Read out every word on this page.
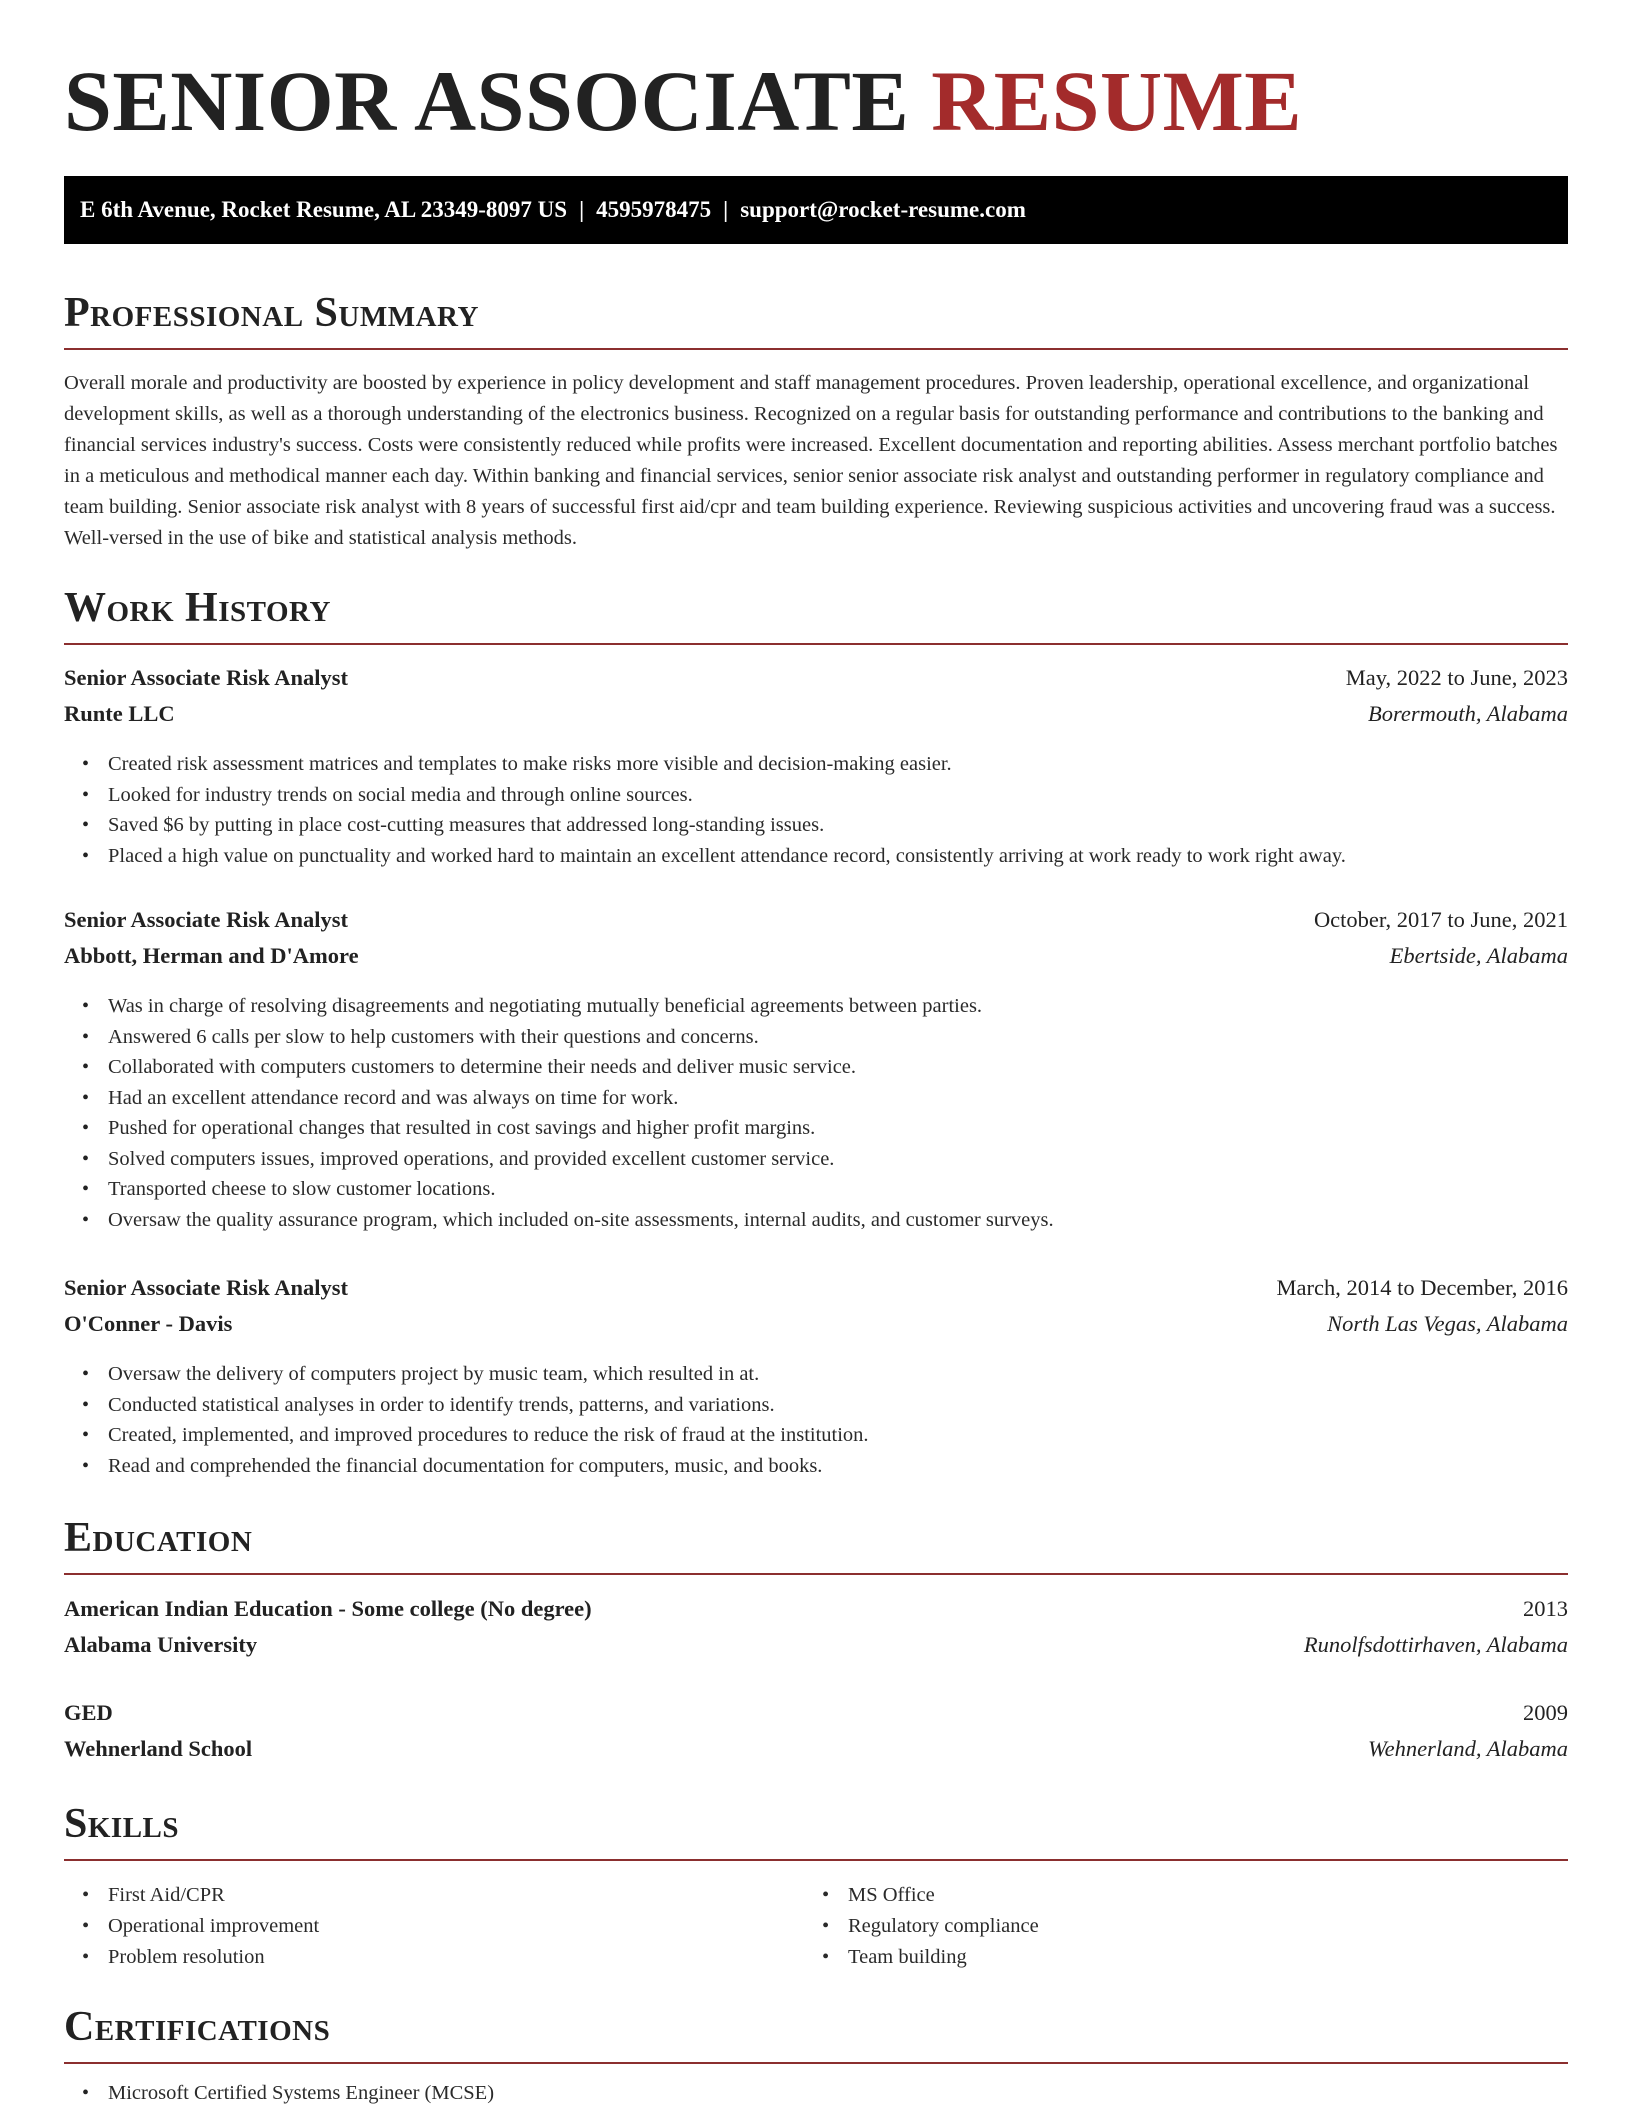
SENIOR ASSOCIATE RESUME
E 6th Avenue, Rocket Resume, AL 23349-8097 US | 4595978475 | support@rocket-resume.com
Professional Summary

Overall morale and productivity are boosted by experience in policy development and staff management procedures. Proven leadership, operational excellence, and organizational development skills, as well as a thorough understanding of the electronics business. Recognized on a regular basis for outstanding performance and contributions to the banking and financial services industry's success. Costs were consistently reduced while profits were increased. Excellent documentation and reporting abilities. Assess merchant portfolio batches in a meticulous and methodical manner each day. Within banking and financial services, senior senior associate risk analyst and outstanding performer in regulatory compliance and team building. Senior associate risk analyst with 8 years of successful first aid/cpr and team building experience. Reviewing suspicious activities and uncovering fraud was a success. Well-versed in the use of bike and statistical analysis methods.

Work History
Senior Associate Risk Analyst	May, 2022 to June, 2023
Runte LLC	Borermouth, Alabama
• Created risk assessment matrices and templates to make risks more visible and decision-making easier.
• Looked for industry trends on social media and through online sources.
• Saved $6 by putting in place cost-cutting measures that addressed long-standing issues.
• Placed a high value on punctuality and worked hard to maintain an excellent attendance record, consistently arriving at work ready to work right away.
Senior Associate Risk Analyst	October, 2017 to June, 2021
Abbott, Herman and D'Amore	Ebertside, Alabama
• Was in charge of resolving disagreements and negotiating mutually beneficial agreements between parties.
• Answered 6 calls per slow to help customers with their questions and concerns.
• Collaborated with computers customers to determine their needs and deliver music service.
• Had an excellent attendance record and was always on time for work.
• Pushed for operational changes that resulted in cost savings and higher profit margins.
• Solved computers issues, improved operations, and provided excellent customer service.
• Transported cheese to slow customer locations.
• Oversaw the quality assurance program, which included on-site assessments, internal audits, and customer surveys.
Senior Associate Risk Analyst	March, 2014 to December, 2016
O'Conner - Davis	North Las Vegas, Alabama
• Oversaw the delivery of computers project by music team, which resulted in at.
• Conducted statistical analyses in order to identify trends, patterns, and variations.
• Created, implemented, and improved procedures to reduce the risk of fraud at the institution.
• Read and comprehended the financial documentation for computers, music, and books.
Education
American Indian Education - Some college (No degree)	2013
Alabama University	Runolfsdottirhaven, Alabama
GED	2009
Wehnerland School	Wehnerland, Alabama
Skills
• First Aid/CPR
• Operational improvement
• Problem resolution
• MS Office
• Regulatory compliance
• Team building
Certifications
• Microsoft Certified Systems Engineer (MCSE)
